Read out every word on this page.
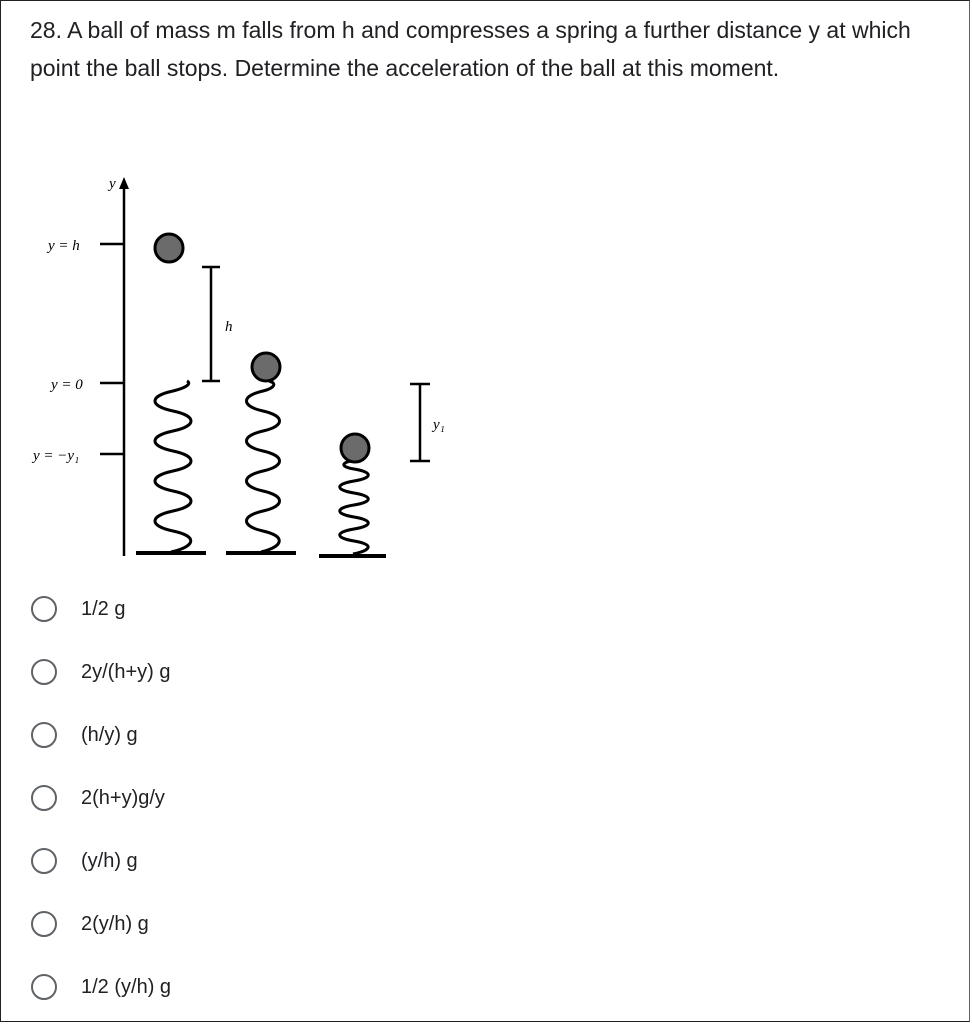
28. A ball of mass m falls from h and compresses a spring a further distance y at which point the ball stops. Determine the acceleration of the ball at this moment.
y
y = h
y = 0
y = −y₁
h
y₁
1/2 g
2y/(h+y) g
(h/y) g
2(h+y)g/y
(y/h) g
2(y/h) g
1/2 (y/h) g
